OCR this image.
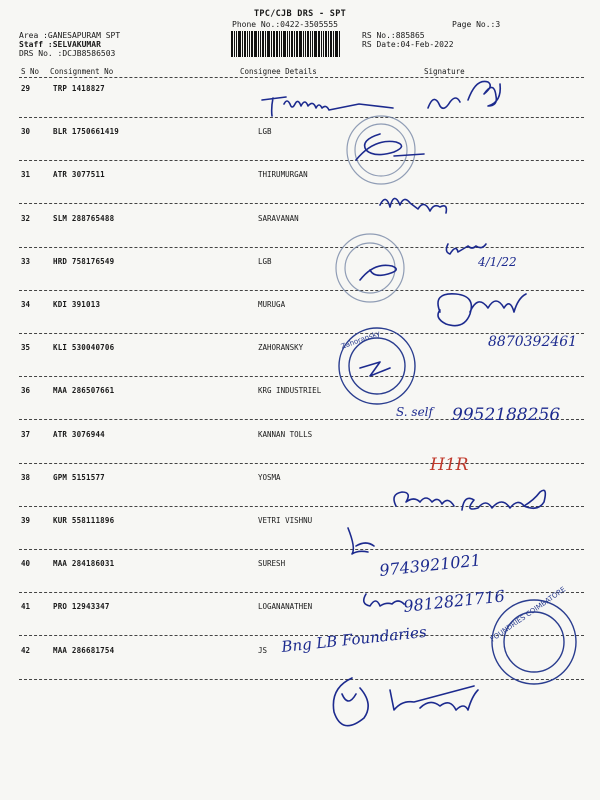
TPC/CJB DRS - SPT
Phone No.:0422-3505555	Page No.:3
Area :GANESAPURAM SPT
Staff :SELVAKUMAR
DRS No. :DCJB8586503
RS No.:885865
RS Date:04-Feb-2022
S No Consignment No	Consignee Details	Signature
29	TRP 1418827
30	BLR 1750661419	LGB
31	ATR 3077511	THIRUMURGAN
32	SLM 288765488	SARAVANAN
33	HRD 758176549	LGB
34	KDI 391013	MURUGA
35	KLI 530040706	ZAHORANSKY
36	MAA 286507661	KRG INDUSTRIEL
37	ATR 3076944	KANNAN TOLLS
38	GPM 5151577	YOSMA
39	KUR 558111896	VETRI VISHNU
40	MAA 284186031	SURESH
41	PRO 12943347	LOGANANATHEN
42	MAA 286681754	JS
4/1/22
8870392461
Zahoransky
S. self 9952188256
H1R
9743921021
9812821716
Bng LB Foundaries	FOUNDRIES COIMBATORE
